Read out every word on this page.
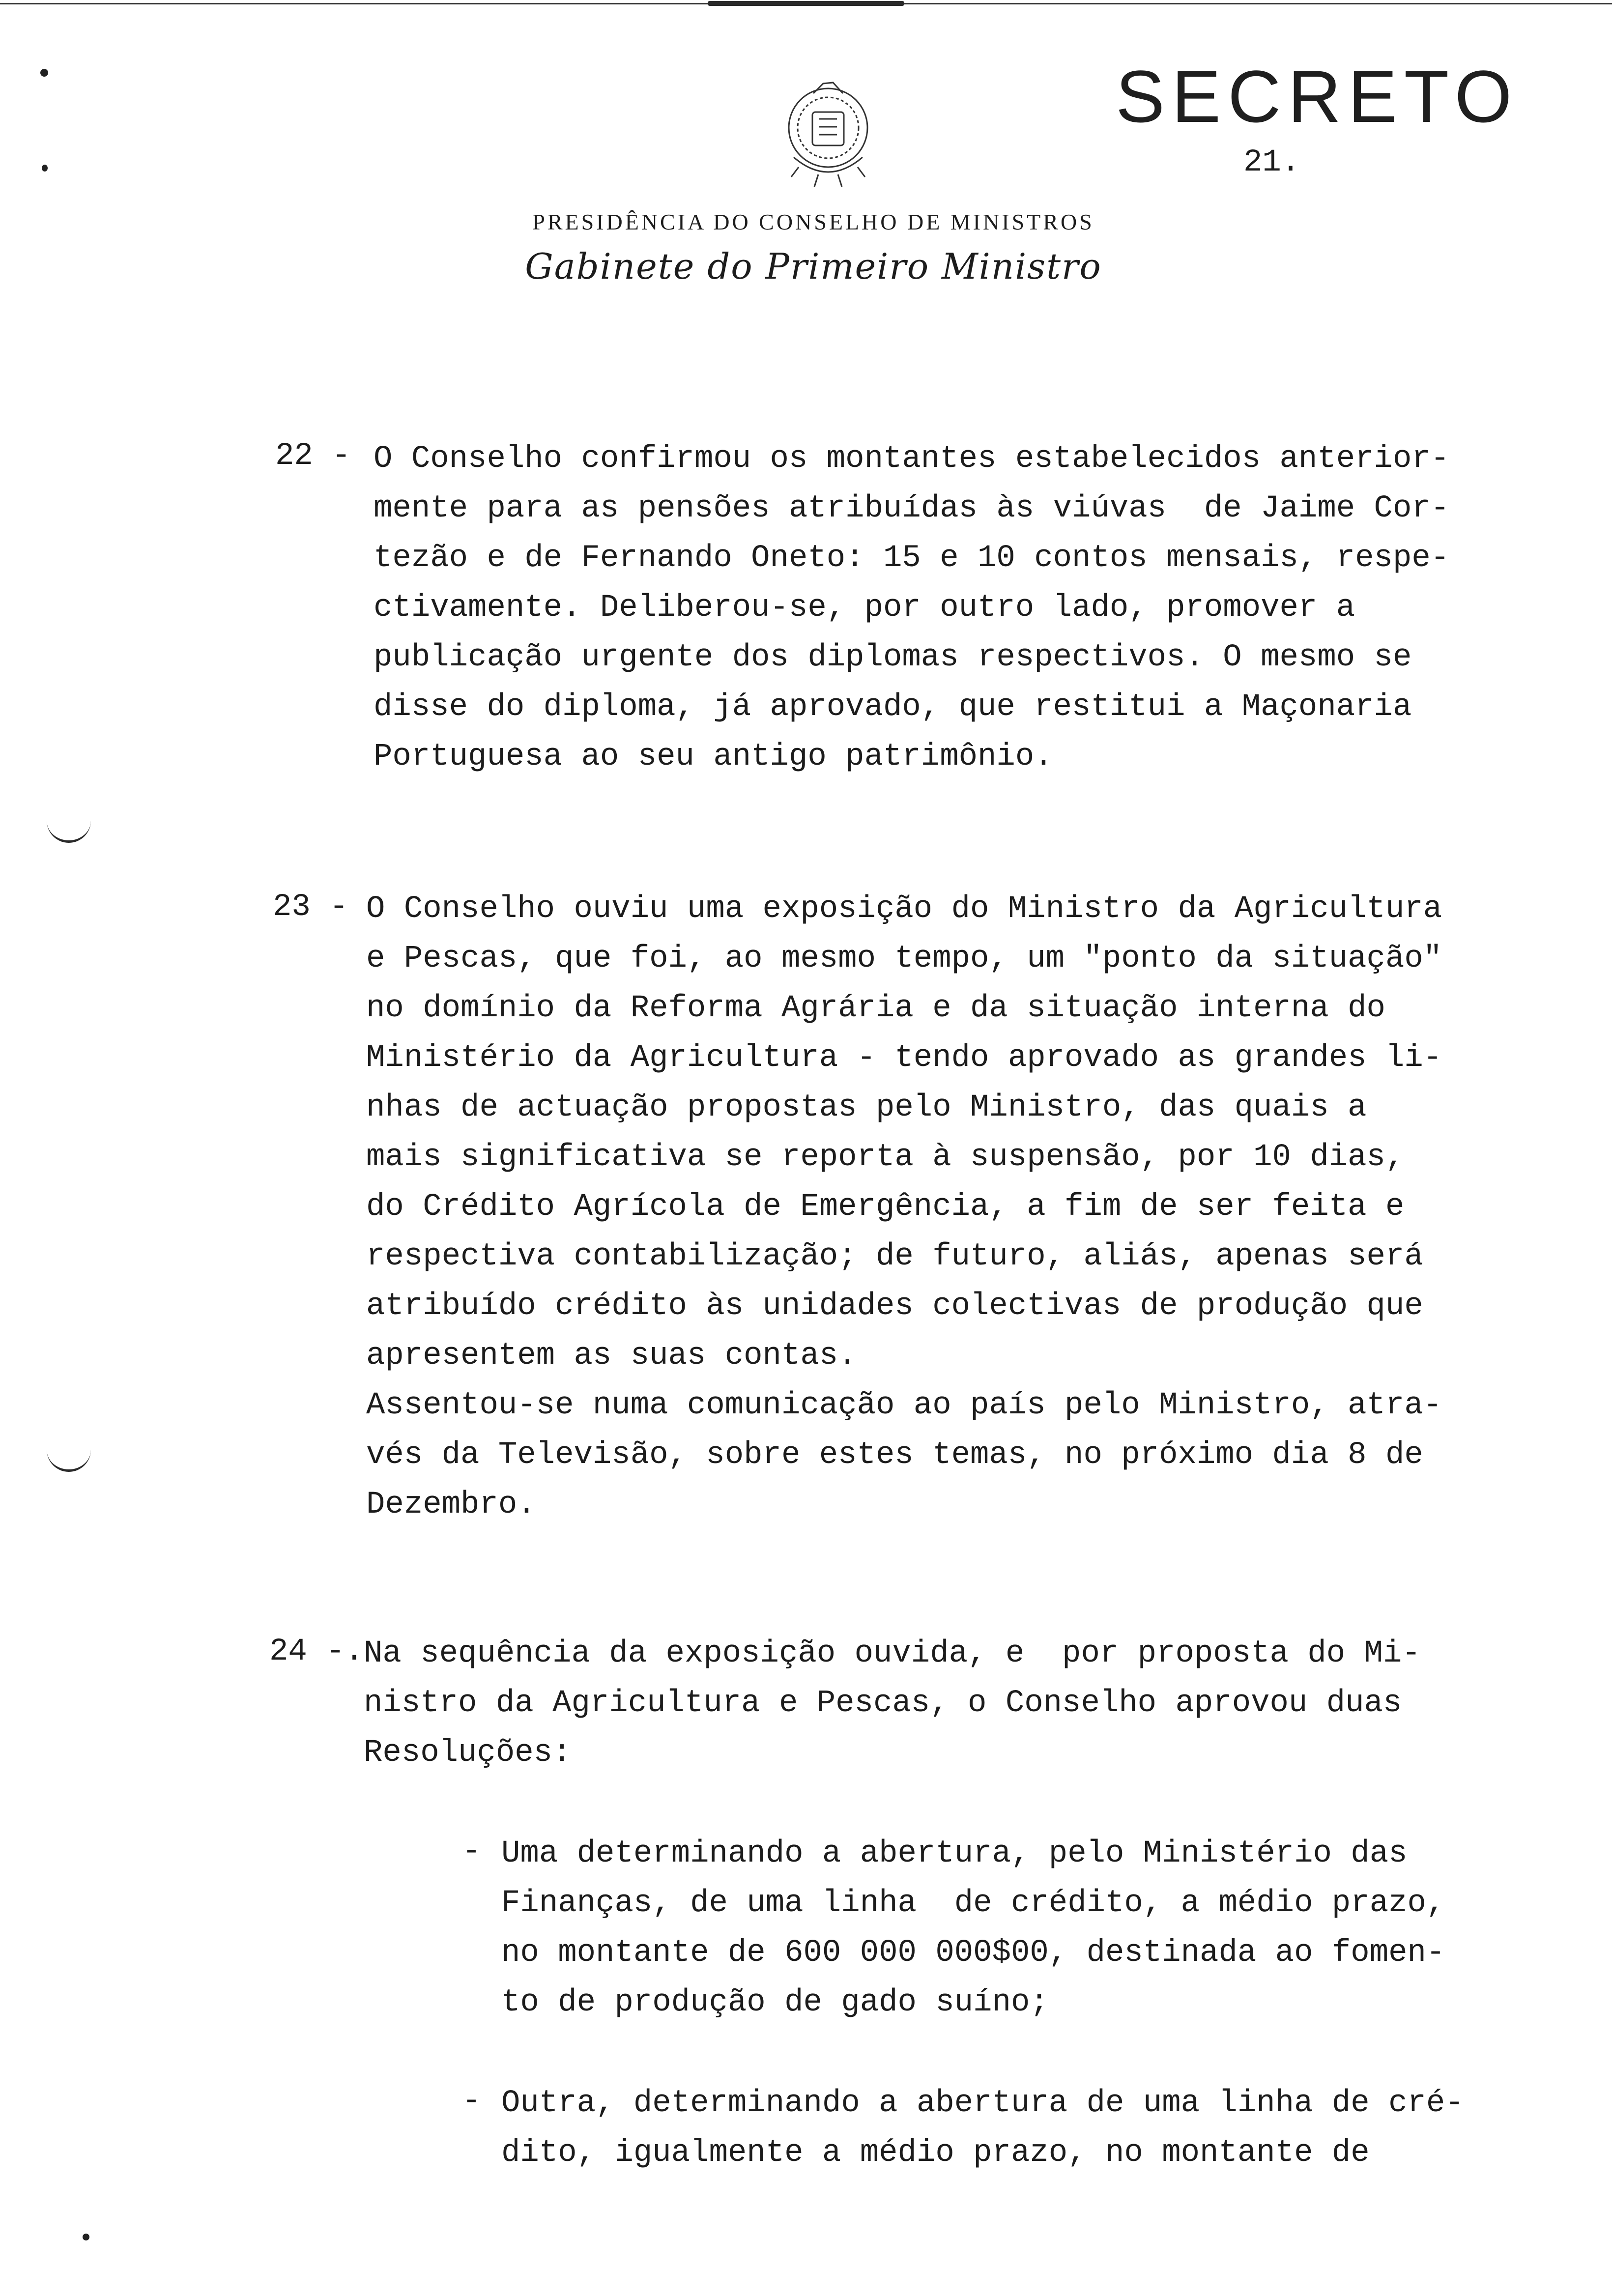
SECRETO
21.
PRESIDÊNCIA DO CONSELHO DE MINISTROS
Gabinete do Primeiro Ministro
22 - O Conselho confirmou os montantes estabelecidos anterior-
mente para as pensões atribuídas às viúvas  de Jaime Cor-
tezão e de Fernando Oneto: 15 e 10 contos mensais, respe-
ctivamente. Deliberou-se, por outro lado, promover a
publicação urgente dos diplomas respectivos. O mesmo se
disse do diploma, já aprovado, que restitui a Maçonaria
Portuguesa ao seu antigo patrimônio.
23 - O Conselho ouviu uma exposição do Ministro da Agricultura
e Pescas, que foi, ao mesmo tempo, um "ponto da situação"
no domínio da Reforma Agrária e da situação interna do
Ministério da Agricultura - tendo aprovado as grandes li-
nhas de actuação propostas pelo Ministro, das quais a
mais significativa se reporta à suspensão, por 10 dias,
do Crédito Agrícola de Emergência, a fim de ser feita e
respectiva contabilização; de futuro, aliás, apenas será
atribuído crédito às unidades colectivas de produção que
apresentem as suas contas.
Assentou-se numa comunicação ao país pelo Ministro, atra-
vés da Televisão, sobre estes temas, no próximo dia 8 de
Dezembro.
24 -. Na sequência da exposição ouvida, e  por proposta do Mi-
nistro da Agricultura e Pescas, o Conselho aprovou duas
Resoluções:
- Uma determinando a abertura, pelo Ministério das
Finanças, de uma linha  de crédito, a médio prazo,
no montante de 600 000 000$00, destinada ao fomen-
to de produção de gado suíno;
- Outra, determinando a abertura de uma linha de cré-
dito, igualmente a médio prazo, no montante de
